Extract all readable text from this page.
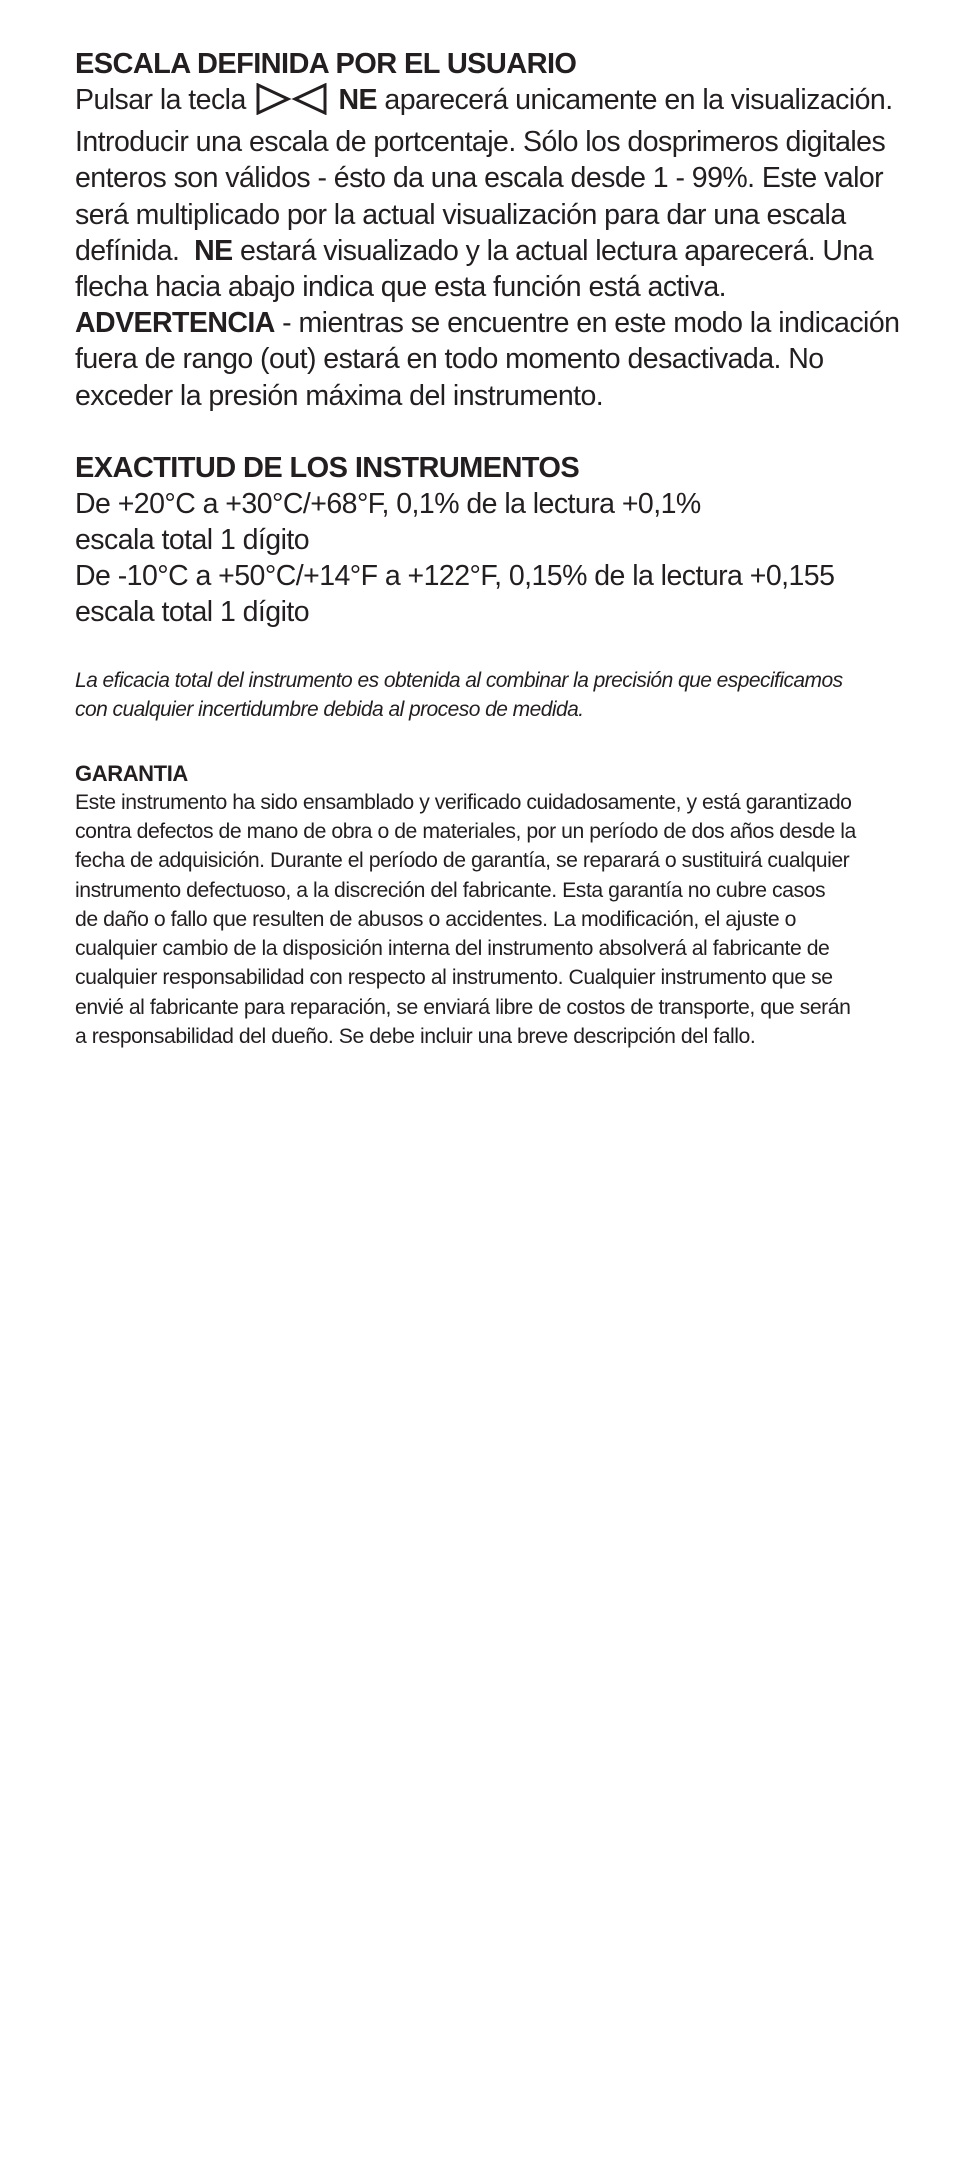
ESCALA DEFINIDA POR EL USUARIO

Pulsar la tecla	NE aparecerá unicamente en la visualización.
Introducir una escala de portcentaje. Sólo los dosprimeros digitales
enteros son válidos - ésto da una escala desde 1 - 99%. Este valor
será multiplicado por la actual visualización para dar una escala
defínida. NE estará visualizado y la actual lectura aparecerá. Una
flecha hacia abajo indica que esta función está activa.
ADVERTENCIA - mientras se encuentre en este modo la indicación
fuera de rango (out) estará en todo momento desactivada. No
exceder la presión máxima del instrumento.

EXACTITUD DE LOS INSTRUMENTOS

De +20°C a +30°C/+68°F, 0,1% de la lectura +0,1%
escala total 1 dígito
De -10°C a +50°C/+14°F a +122°F, 0,15% de la lectura +0,155
escala total 1 dígito

La eficacia total del instrumento es obtenida al combinar la precisión que especificamos
con cualquier incertidumbre debida al proceso de medida.

GARANTIA

Este instrumento ha sido ensamblado y verificado cuidadosamente, y está garantizado
contra defectos de mano de obra o de materiales, por un período de dos años desde la
fecha de adquisición. Durante el período de garantía, se reparará o sustituirá cualquier
instrumento defectuoso, a la discreción del fabricante. Esta garantía no cubre casos
de daño o fallo que resulten de abusos o accidentes. La modificación, el ajuste o
cualquier cambio de la disposición interna del instrumento absolverá al fabricante de
cualquier responsabilidad con respecto al instrumento. Cualquier instrumento que se
envié al fabricante para reparación, se enviará libre de costos de transporte, que serán
a responsabilidad del dueño. Se debe incluir una breve descripción del fallo.
